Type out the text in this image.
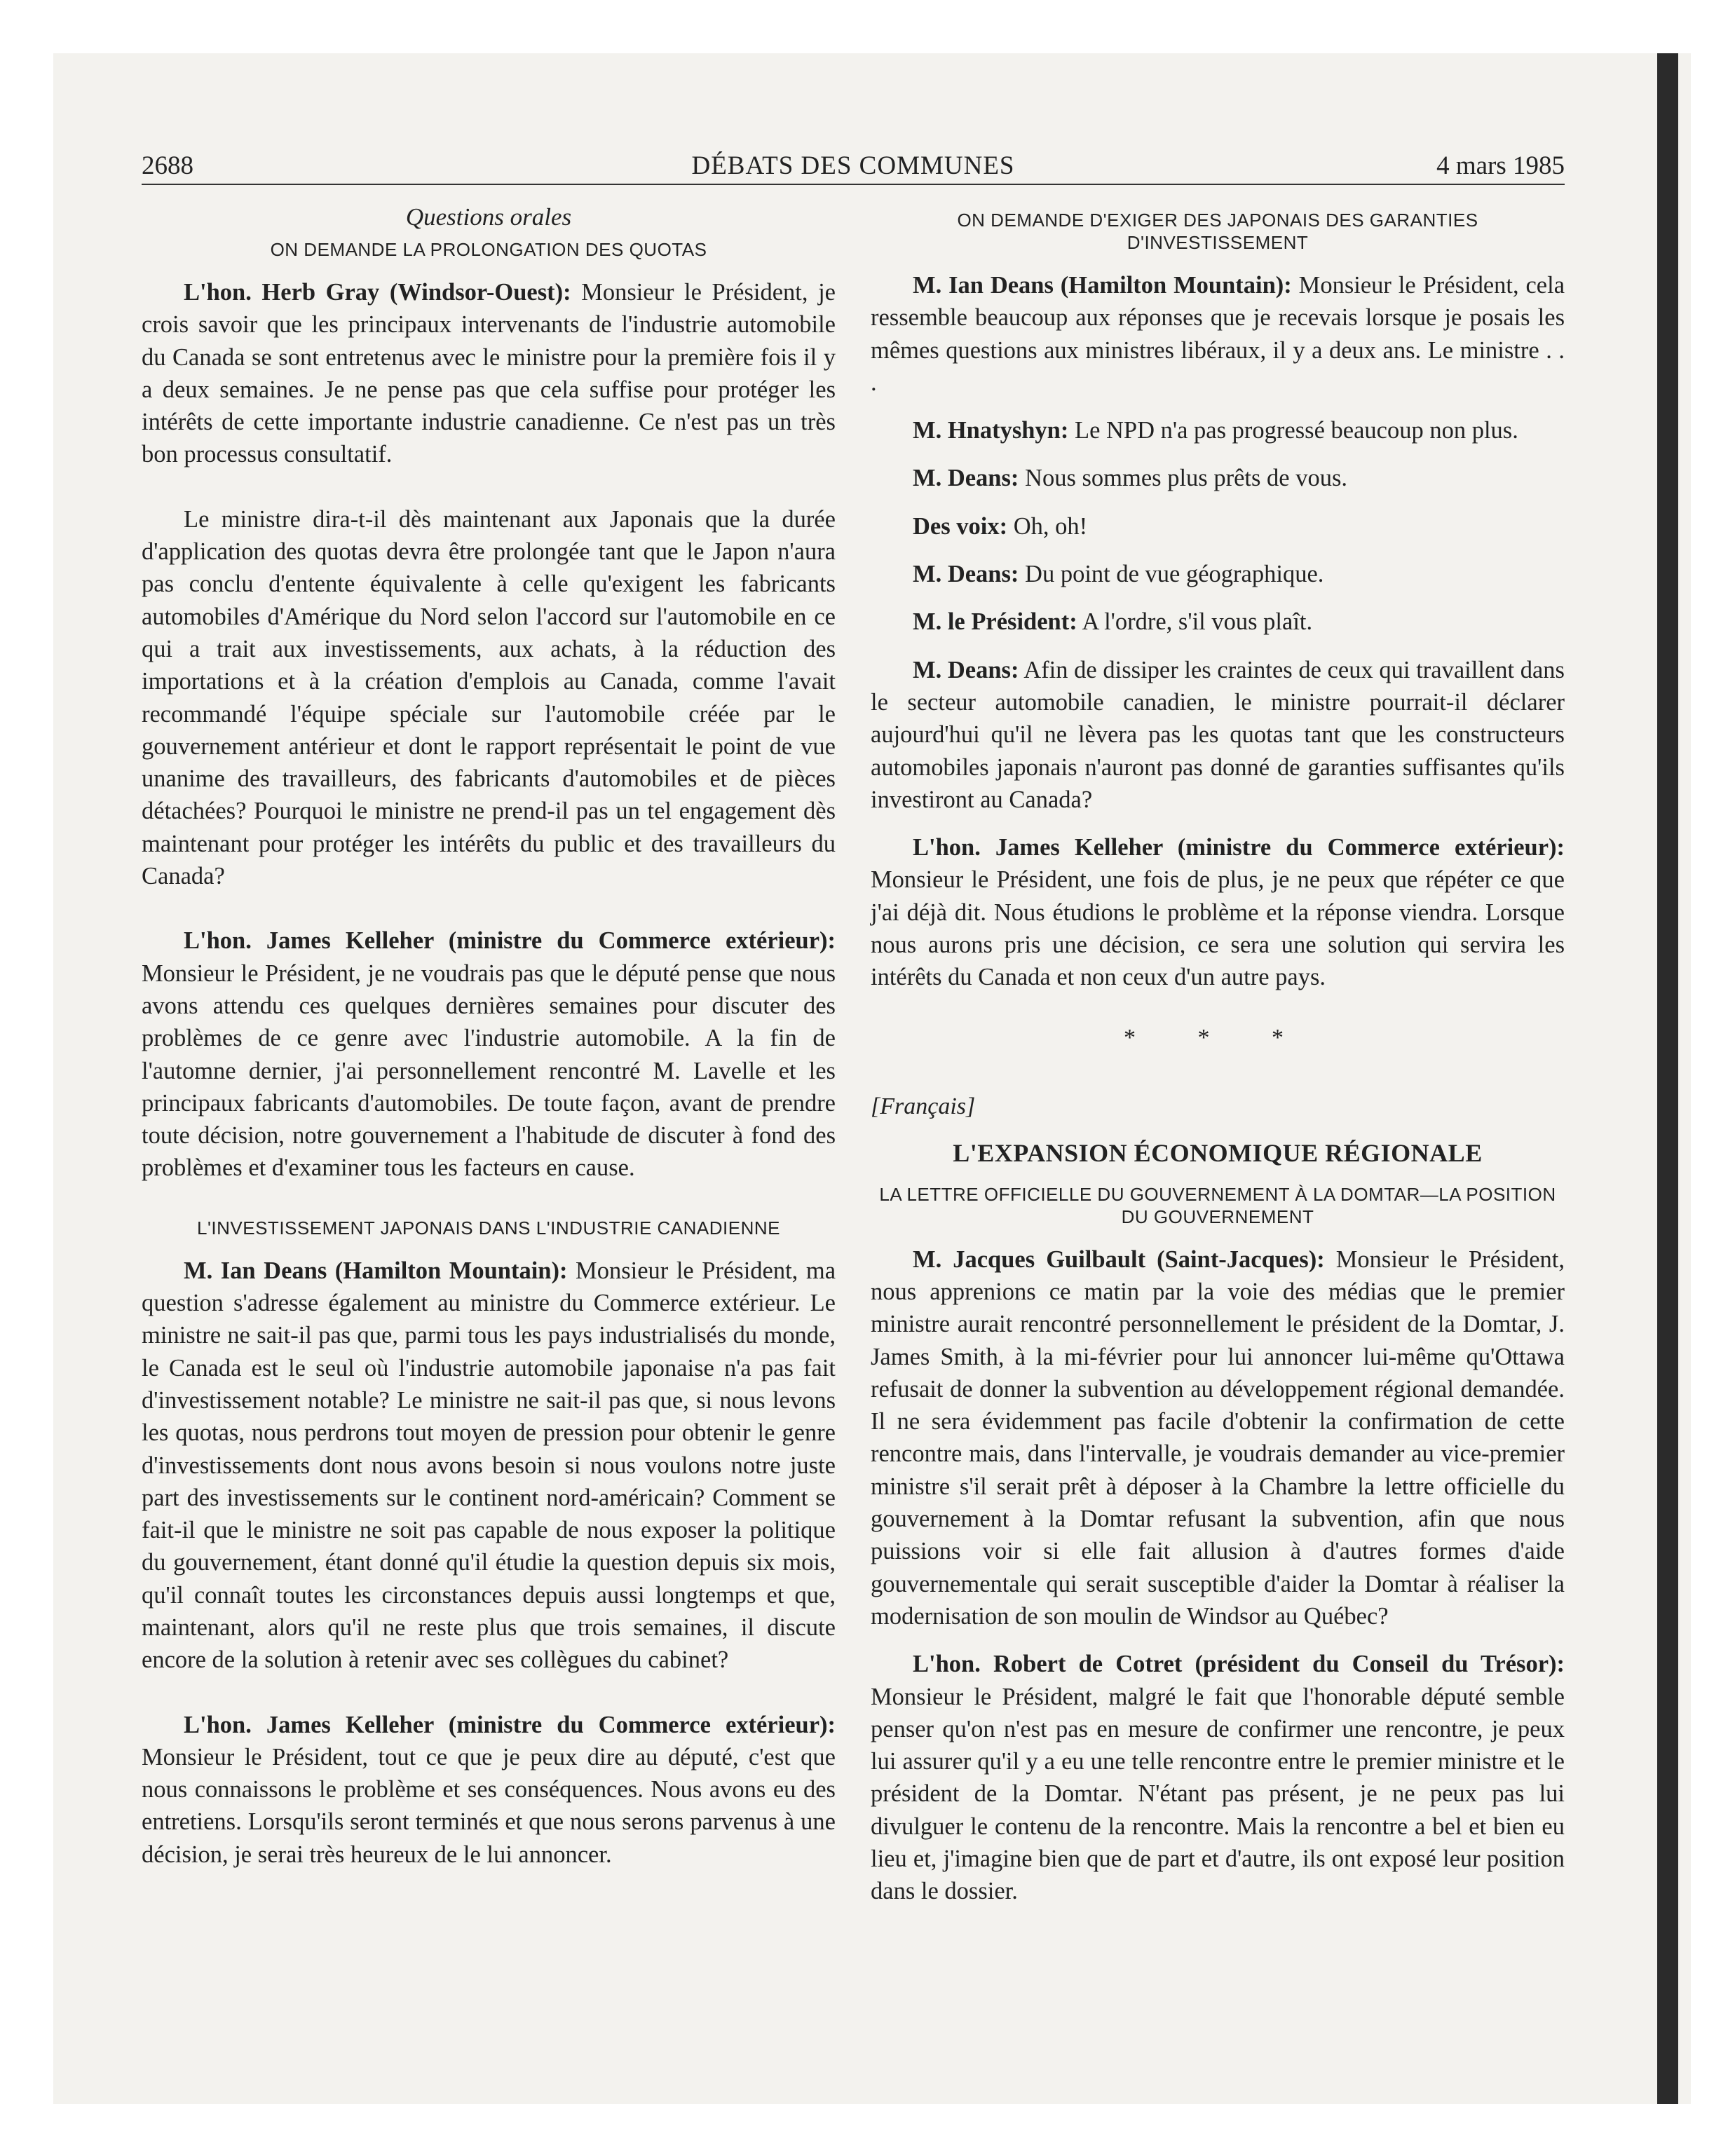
2688	DÉBATS DES COMMUNES	4 mars 1985
Questions orales
ON DEMANDE LA PROLONGATION DES QUOTAS

L'hon. Herb Gray (Windsor-Ouest): Monsieur le Président, je crois savoir que les principaux intervenants de l'industrie automobile du Canada se sont entretenus avec le ministre pour la première fois il y a deux semaines. Je ne pense pas que cela suffise pour protéger les intérêts de cette importante industrie canadienne. Ce n'est pas un très bon processus consultatif.

Le ministre dira-t-il dès maintenant aux Japonais que la durée d'application des quotas devra être prolongée tant que le Japon n'aura pas conclu d'entente équivalente à celle qu'exigent les fabricants automobiles d'Amérique du Nord selon l'accord sur l'automobile en ce qui a trait aux investissements, aux achats, à la réduction des importations et à la création d'emplois au Canada, comme l'avait recommandé l'équipe spéciale sur l'automobile créée par le gouvernement antérieur et dont le rapport représentait le point de vue unanime des travailleurs, des fabricants d'automobiles et de pièces détachées? Pourquoi le ministre ne prend-il pas un tel engagement dès maintenant pour protéger les intérêts du public et des travailleurs du Canada?

L'hon. James Kelleher (ministre du Commerce extérieur): Monsieur le Président, je ne voudrais pas que le député pense que nous avons attendu ces quelques dernières semaines pour discuter des problèmes de ce genre avec l'industrie automobile. A la fin de l'automne dernier, j'ai personnellement rencontré M. Lavelle et les principaux fabricants d'automobiles. De toute façon, avant de prendre toute décision, notre gouvernement a l'habitude de discuter à fond des problèmes et d'examiner tous les facteurs en cause.

L'INVESTISSEMENT JAPONAIS DANS L'INDUSTRIE CANADIENNE

M. Ian Deans (Hamilton Mountain): Monsieur le Président, ma question s'adresse également au ministre du Commerce extérieur. Le ministre ne sait-il pas que, parmi tous les pays industrialisés du monde, le Canada est le seul où l'industrie automobile japonaise n'a pas fait d'investissement notable? Le ministre ne sait-il pas que, si nous levons les quotas, nous perdrons tout moyen de pression pour obtenir le genre d'investissements dont nous avons besoin si nous voulons notre juste part des investissements sur le continent nord-américain? Comment se fait-il que le ministre ne soit pas capable de nous exposer la politique du gouvernement, étant donné qu'il étudie la question depuis six mois, qu'il connaît toutes les circonstances depuis aussi longtemps et que, maintenant, alors qu'il ne reste plus que trois semaines, il discute encore de la solution à retenir avec ses collègues du cabinet?

L'hon. James Kelleher (ministre du Commerce extérieur): Monsieur le Président, tout ce que je peux dire au député, c'est que nous connaissons le problème et ses conséquences. Nous avons eu des entretiens. Lorsqu'ils seront terminés et que nous serons parvenus à une décision, je serai très heureux de le lui annoncer.

ON DEMANDE D'EXIGER DES JAPONAIS DES GARANTIES D'INVESTISSEMENT

M. Ian Deans (Hamilton Mountain): Monsieur le Président, cela ressemble beaucoup aux réponses que je recevais lorsque je posais les mêmes questions aux ministres libéraux, il y a deux ans. Le ministre . . .

M. Hnatyshyn: Le NPD n'a pas progressé beaucoup non plus.

M. Deans: Nous sommes plus prêts de vous.

Des voix: Oh, oh!

M. Deans: Du point de vue géographique.

M. le Président: A l'ordre, s'il vous plaît.

M. Deans: Afin de dissiper les craintes de ceux qui travaillent dans le secteur automobile canadien, le ministre pourrait-il déclarer aujourd'hui qu'il ne lèvera pas les quotas tant que les constructeurs automobiles japonais n'auront pas donné de garanties suffisantes qu'ils investiront au Canada?

L'hon. James Kelleher (ministre du Commerce extérieur): Monsieur le Président, une fois de plus, je ne peux que répéter ce que j'ai déjà dit. Nous étudions le problème et la réponse viendra. Lorsque nous aurons pris une décision, ce sera une solution qui servira les intérêts du Canada et non ceux d'un autre pays.

* * *
[Français]
L'EXPANSION ÉCONOMIQUE RÉGIONALE
LA LETTRE OFFICIELLE DU GOUVERNEMENT À LA DOMTAR—LA POSITION DU GOUVERNEMENT

M. Jacques Guilbault (Saint-Jacques): Monsieur le Président, nous apprenions ce matin par la voie des médias que le premier ministre aurait rencontré personnellement le président de la Domtar, J. James Smith, à la mi-février pour lui annoncer lui-même qu'Ottawa refusait de donner la subvention au développement régional demandée. Il ne sera évidemment pas facile d'obtenir la confirmation de cette rencontre mais, dans l'intervalle, je voudrais demander au vice-premier ministre s'il serait prêt à déposer à la Chambre la lettre officielle du gouvernement à la Domtar refusant la subvention, afin que nous puissions voir si elle fait allusion à d'autres formes d'aide gouvernementale qui serait susceptible d'aider la Domtar à réaliser la modernisation de son moulin de Windsor au Québec?

L'hon. Robert de Cotret (président du Conseil du Trésor): Monsieur le Président, malgré le fait que l'honorable député semble penser qu'on n'est pas en mesure de confirmer une rencontre, je peux lui assurer qu'il y a eu une telle rencontre entre le premier ministre et le président de la Domtar. N'étant pas présent, je ne peux pas lui divulguer le contenu de la rencontre. Mais la rencontre a bel et bien eu lieu et, j'imagine bien que de part et d'autre, ils ont exposé leur position dans le dossier.
